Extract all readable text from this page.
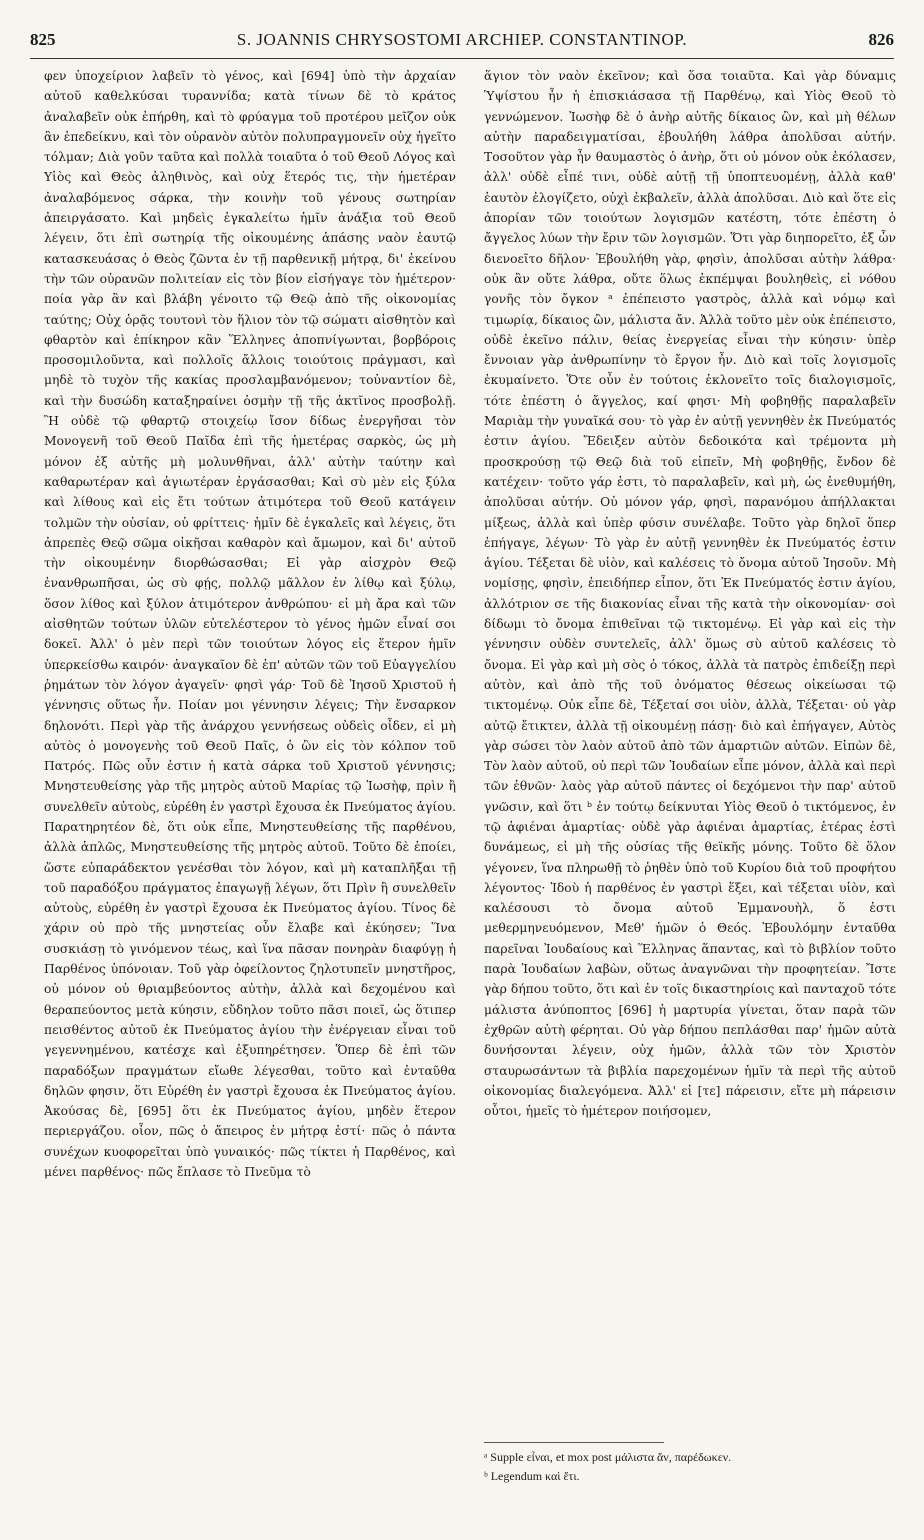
825	S. JOANNIS CHRYSOSTOMI ARCHIEP. CONSTANTINOP.	826

φεν ὑποχείριον λαβεῖν τὸ γένος, καὶ [694] ὑπὸ τὴν ἀρχαίαν αὐτοῦ καθελκύσαι τυραννίδα; κατὰ τίνων δὲ τὸ κράτος ἀναλαβεῖν οὐκ ἐπήρθη, καὶ τὸ φρύαγμα τοῦ προτέρου μεῖζον οὐκ ἂν ἐπεδείκνυ, καὶ τὸν οὐρανὸν αὐτὸν πολυπραγμονεῖν οὐχ ἡγεῖτο τόλμαν; Διὰ γοῦν ταῦτα καὶ πολλὰ τοιαῦτα ὁ τοῦ Θεοῦ Λόγος καὶ Υἱὸς καὶ Θεὸς ἀληθινὸς, καὶ οὐχ ἕτερός τις, τὴν ἡμετέραν ἀναλαβόμενος σάρκα, τὴν κοινὴν τοῦ γένους σωτηρίαν ἀπειργάσατο. Καὶ μηδεὶς ἐγκαλείτω ἡμῖν ἀνάξια τοῦ Θεοῦ λέγειν, ὅτι ἐπὶ σωτηρίᾳ τῆς οἰκουμένης ἁπάσης ναὸν ἑαυτῷ κατασκευάσας ὁ Θεὸς ζῶντα ἐν τῇ παρθενικῇ μήτρᾳ, δι' ἐκείνου τὴν τῶν οὐρανῶν πολιτείαν εἰς τὸν βίον εἰσήγαγε τὸν ἡμέτερον· ποία γὰρ ἂν καὶ βλάβη γένοιτο τῷ Θεῷ ἀπὸ τῆς οἰκονομίας ταύτης; Οὐχ ὁρᾷς τουτονὶ τὸν ἥλιον τὸν τῷ σώματι αἰσθητὸν καὶ φθαρτὸν καὶ ἐπίκηρον κἂν Ἕλληνες ἀποπνίγωνται, βορβόροις προσομιλοῦντα, καὶ πολλοῖς ἄλλοις τοιούτοις πράγμασι, καὶ μηδὲ τὸ τυχὸν τῆς κακίας προσλαμβανόμενον; τοὐναντίον δὲ, καὶ τὴν δυσώδη καταξηραίνει ὀσμὴν τῇ τῆς ἀκτῖνος προσβολῇ. Ἢ οὐδὲ τῷ φθαρτῷ στοιχείῳ ἴσον δίδως ἐνεργῆσαι τὸν Μονογενῆ τοῦ Θεοῦ Παῖδα ἐπὶ τῆς ἡμετέρας σαρκὸς, ὡς μὴ μόνον ἐξ αὐτῆς μὴ μολυνθῆναι, ἀλλ' αὐτὴν ταύτην καὶ καθαρωτέραν καὶ ἁγιωτέραν ἐργάσασθαι; Καὶ σὺ μὲν εἰς ξύλα καὶ λίθους καὶ εἰς ἔτι τούτων ἀτιμότερα τοῦ Θεοῦ κατάγειν τολμῶν τὴν οὐσίαν, οὐ φρίττεις· ἡμῖν δὲ ἐγκαλεῖς καὶ λέγεις, ὅτι ἀπρεπὲς Θεῷ σῶμα οἰκῆσαι καθαρὸν καὶ ἄμωμον, καὶ δι' αὐτοῦ τὴν οἰκουμένην διορθώσασθαι; Εἰ γὰρ αἰσχρὸν Θεῷ ἐνανθρωπῆσαι, ὡς σὺ φῄς, πολλῷ μᾶλλον ἐν λίθῳ καὶ ξύλῳ, ὅσον λίθος καὶ ξύλον ἀτιμότερον ἀνθρώπου· εἰ μὴ ἄρα καὶ τῶν αἰσθητῶν τούτων ὑλῶν εὐτελέστερον τὸ γένος ἡμῶν εἶναί σοι δοκεῖ. Ἀλλ' ὁ μὲν περὶ τῶν τοιούτων λόγος εἰς ἕτερον ἡμῖν ὑπερκείσθω καιρόν· ἀναγκαῖον δὲ ἐπ' αὐτῶν τῶν τοῦ Εὐαγγελίου ῥημάτων τὸν λόγον ἀγαγεῖν· φησὶ γάρ· Τοῦ δὲ Ἰησοῦ Χριστοῦ ἡ γέννησις οὕτως ἦν. Ποίαν μοι γέννησιν λέγεις; Τὴν ἔνσαρκον δηλονότι. Περὶ γὰρ τῆς ἀνάρχου γεννήσεως οὐδεὶς οἶδεν, εἰ μὴ αὐτὸς ὁ μονογενὴς τοῦ Θεοῦ Παῖς, ὁ ὢν εἰς τὸν κόλπον τοῦ Πατρός. Πῶς οὖν ἐστιν ἡ κατὰ σάρκα τοῦ Χριστοῦ γέννησις; Μνηστευθείσης γὰρ τῆς μητρὸς αὐτοῦ Μαρίας τῷ Ἰωσὴφ, πρὶν ἢ συνελθεῖν αὐτοὺς, εὑρέθη ἐν γαστρὶ ἔχουσα ἐκ Πνεύματος ἁγίου. Παρατηρητέον δὲ, ὅτι οὐκ εἶπε, Μνηστευθείσης τῆς παρθένου, ἀλλὰ ἁπλῶς, Μνηστευθείσης τῆς μητρὸς αὐτοῦ. Τοῦτο δὲ ἐποίει, ὥστε εὐπαράδεκτον γενέσθαι τὸν λόγον, καὶ μὴ καταπλῆξαι τῇ τοῦ παραδόξου πράγματος ἐπαγωγῇ λέγων, ὅτι Πρὶν ἢ συνελθεῖν αὐτοὺς, εὑρέθη ἐν γαστρὶ ἔχουσα ἐκ Πνεύματος ἁγίου. Τίνος δὲ χάριν οὐ πρὸ τῆς μνηστείας οὖν ἔλαβε καὶ ἐκύησεν; Ἵνα συσκιάσῃ τὸ γινόμενον τέως, καὶ ἵνα πᾶσαν πονηρὰν διαφύγῃ ἡ Παρθένος ὑπόνοιαν. Τοῦ γὰρ ὀφείλοντος ζηλοτυπεῖν μνηστῆρος, οὐ μόνον οὐ θριαμβεύοντος αὐτὴν, ἀλλὰ καὶ δεχομένου καὶ θεραπεύοντος μετὰ κύησιν, εὔδηλον τοῦτο πᾶσι ποιεῖ, ὡς ὅτιπερ πεισθέντος αὐτοῦ ἐκ Πνεύματος ἁγίου τὴν ἐνέργειαν εἶναι τοῦ γεγεννημένου, κατέσχε καὶ ἐξυπηρέτησεν. Ὅπερ δὲ ἐπὶ τῶν παραδόξων πραγμάτων εἴωθε λέγεσθαι, τοῦτο καὶ ἐνταῦθα δηλῶν φησιν, ὅτι Εὑρέθη ἐν γαστρὶ ἔχουσα ἐκ Πνεύματος ἁγίου. Ἀκούσας δὲ, [695] ὅτι ἐκ Πνεύματος ἁγίου, μηδὲν ἕτερον περιεργάζου. οἶον, πῶς ὁ ἄπειρος ἐν μήτρᾳ ἐστί· πῶς ὁ πάντα συνέχων κυοφορεῖται ὑπὸ γυναικός· πῶς τίκτει ἡ Παρθένος, καὶ μένει παρθένος· πῶς ἔπλασε τὸ Πνεῦμα τὸ

ἅγιον τὸν ναὸν ἐκεῖνον; καὶ ὅσα τοιαῦτα. Καὶ γὰρ δύναμις Ὑψίστου ἦν ἡ ἐπισκιάσασα τῇ Παρθένῳ, καὶ Υἱὸς Θεοῦ τὸ γεννώμενον. Ἰωσὴφ δὲ ὁ ἀνὴρ αὐτῆς δίκαιος ὢν, καὶ μὴ θέλων αὐτὴν παραδειγματίσαι, ἐβουλήθη λάθρα ἀπολῦσαι αὐτήν. Τοσοῦτον γὰρ ἦν θαυμαστὸς ὁ ἀνὴρ, ὅτι οὐ μόνον οὐκ ἐκόλασεν, ἀλλ' οὐδὲ εἶπέ τινι, οὐδὲ αὐτῇ τῇ ὑποπτευομένῃ, ἀλλὰ καθ' ἑαυτὸν ἐλογίζετο, οὐχὶ ἐκβαλεῖν, ἀλλὰ ἀπολῦσαι. Διὸ καὶ ὅτε εἰς ἀπορίαν τῶν τοιούτων λογισμῶν κατέστη, τότε ἐπέστη ὁ ἄγγελος λύων τὴν ἔριν τῶν λογισμῶν. Ὅτι γὰρ διηπορεῖτο, ἐξ ὧν διενοεῖτο δῆλον· Ἐβουλήθη γὰρ, φησὶν, ἀπολῦσαι αὐτὴν λάθρα· οὐκ ἂν οὔτε λάθρα, οὔτε ὅλως ἐκπέμψαι βουληθεὶς, εἰ νόθου γονῆς τὸν ὄγκον ᵃ ἐπέπειστο γαστρὸς, ἀλλὰ καὶ νόμῳ καὶ τιμωρίᾳ, δίκαιος ὢν, μάλιστα ἄν. Ἀλλὰ τοῦτο μὲν οὐκ ἐπέπειστο, οὐδὲ ἐκεῖνο πάλιν, θείας ἐνεργείας εἶναι τὴν κύησιν· ὑπὲρ ἔννοιαν γὰρ ἀνθρωπίνην τὸ ἔργον ἦν. Διὸ καὶ τοῖς λογισμοῖς ἐκυμαίνετο. Ὅτε οὖν ἐν τούτοις ἐκλονεῖτο τοῖς διαλογισμοῖς, τότε ἐπέστη ὁ ἄγγελος, καί φησι· Μὴ φοβηθῇς παραλαβεῖν Μαριὰμ τὴν γυναῖκά σου· τὸ γὰρ ἐν αὐτῇ γεννηθὲν ἐκ Πνεύματός ἐστιν ἁγίου. Ἔδειξεν αὐτὸν δεδοικότα καὶ τρέμοντα μὴ προσκρούσῃ τῷ Θεῷ διὰ τοῦ εἰπεῖν, Μὴ φοβηθῇς, ἔνδον δὲ κατέχειν· τοῦτο γάρ ἐστι, τὸ παραλαβεῖν, καὶ μὴ, ὡς ἐνεθυμήθη, ἀπολῦσαι αὐτήν. Οὐ μόνον γάρ, φησὶ, παρανόμου ἀπήλλακται μίξεως, ἀλλὰ καὶ ὑπὲρ φύσιν συνέλαβε. Τοῦτο γὰρ δηλοῖ ὅπερ ἐπήγαγε, λέγων· Τὸ γὰρ ἐν αὐτῇ γεννηθὲν ἐκ Πνεύματός ἐστιν ἁγίου. Τέξεται δὲ υἱὸν, καὶ καλέσεις τὸ ὄνομα αὐτοῦ Ἰησοῦν. Μὴ νομίσῃς, φησὶν, ἐπειδήπερ εἶπον, ὅτι Ἐκ Πνεύματός ἐστιν ἁγίου, ἀλλότριον σε τῆς διακονίας εἶναι τῆς κατὰ τὴν οἰκονομίαν· σοὶ δίδωμι τὸ ὄνομα ἐπιθεῖναι τῷ τικτομένῳ. Εἰ γὰρ καὶ εἰς τὴν γέννησιν οὐδὲν συντελεῖς, ἀλλ' ὅμως σὺ αὐτοῦ καλέσεις τὸ ὄνομα. Εἰ γὰρ καὶ μὴ σὸς ὁ τόκος, ἀλλὰ τὰ πατρὸς ἐπιδείξῃ περὶ αὐτὸν, καὶ ἀπὸ τῆς τοῦ ὀνόματος θέσεως οἰκείωσαι τῷ τικτομένῳ. Οὐκ εἶπε δὲ, Τέξεταί σοι υἱὸν, ἀλλὰ, Τέξεται· οὐ γὰρ αὐτῷ ἔτικτεν, ἀλλὰ τῇ οἰκουμένῃ πάσῃ· διὸ καὶ ἐπήγαγεν, Αὐτὸς γὰρ σώσει τὸν λαὸν αὐτοῦ ἀπὸ τῶν ἁμαρτιῶν αὐτῶν. Εἰπὼν δὲ, Τὸν λαὸν αὐτοῦ, οὐ περὶ τῶν Ἰουδαίων εἶπε μόνον, ἀλλὰ καὶ περὶ τῶν ἐθνῶν· λαὸς γὰρ αὐτοῦ πάντες οἱ δεχόμενοι τὴν παρ' αὐτοῦ γνῶσιν, καὶ ὅτι ᵇ ἐν τούτῳ δείκνυται Υἱὸς Θεοῦ ὁ τικτόμενος, ἐν τῷ ἀφιέναι ἁμαρτίας· οὐδὲ γὰρ ἀφιέναι ἁμαρτίας, ἑτέρας ἐστὶ δυνάμεως, εἰ μὴ τῆς οὐσίας τῆς θεϊκῆς μόνης. Τοῦτο δὲ ὅλον γέγονεν, ἵνα πληρωθῇ τὸ ῥηθὲν ὑπὸ τοῦ Κυρίου διὰ τοῦ προφήτου λέγοντος· Ἰδοὺ ἡ παρθένος ἐν γαστρὶ ἕξει, καὶ τέξεται υἱὸν, καὶ καλέσουσι τὸ ὄνομα αὐτοῦ Ἐμμανουὴλ, ὅ ἐστι μεθερμηνευόμενον, Μεθ' ἡμῶν ὁ Θεός. Ἐβουλόμην ἐνταῦθα παρεῖναι Ἰουδαίους καὶ Ἕλληνας ἅπαντας, καὶ τὸ βιβλίον τοῦτο παρὰ Ἰουδαίων λαβὼν, οὕτως ἀναγνῶναι τὴν προφητείαν. Ἴστε γὰρ δήπου τοῦτο, ὅτι καὶ ἐν τοῖς δικαστηρίοις καὶ πανταχοῦ τότε μάλιστα ἀνύποπτος [696] ἡ μαρτυρία γίνεται, ὅταν παρὰ τῶν ἐχθρῶν αὐτὴ φέρηται. Οὐ γὰρ δήπου πεπλάσθαι παρ' ἡμῶν αὐτὰ δυνήσονται λέγειν, οὐχ ἡμῶν, ἀλλὰ τῶν τὸν Χριστὸν σταυρωσάντων τὰ βιβλία παρεχομένων ἡμῖν τὰ περὶ τῆς αὐτοῦ οἰκονομίας διαλεγόμενα. Ἀλλ' εἰ [τε] πάρεισιν, εἴτε μὴ πάρεισιν οὗτοι, ἡμεῖς τὸ ἡμέτερον ποιήσομεν,

ᵃ Supple εἶναι, et mox post μάλιστα ἄν, παρέδωκεν.
ᵇ Legendum καὶ ἔτι.
